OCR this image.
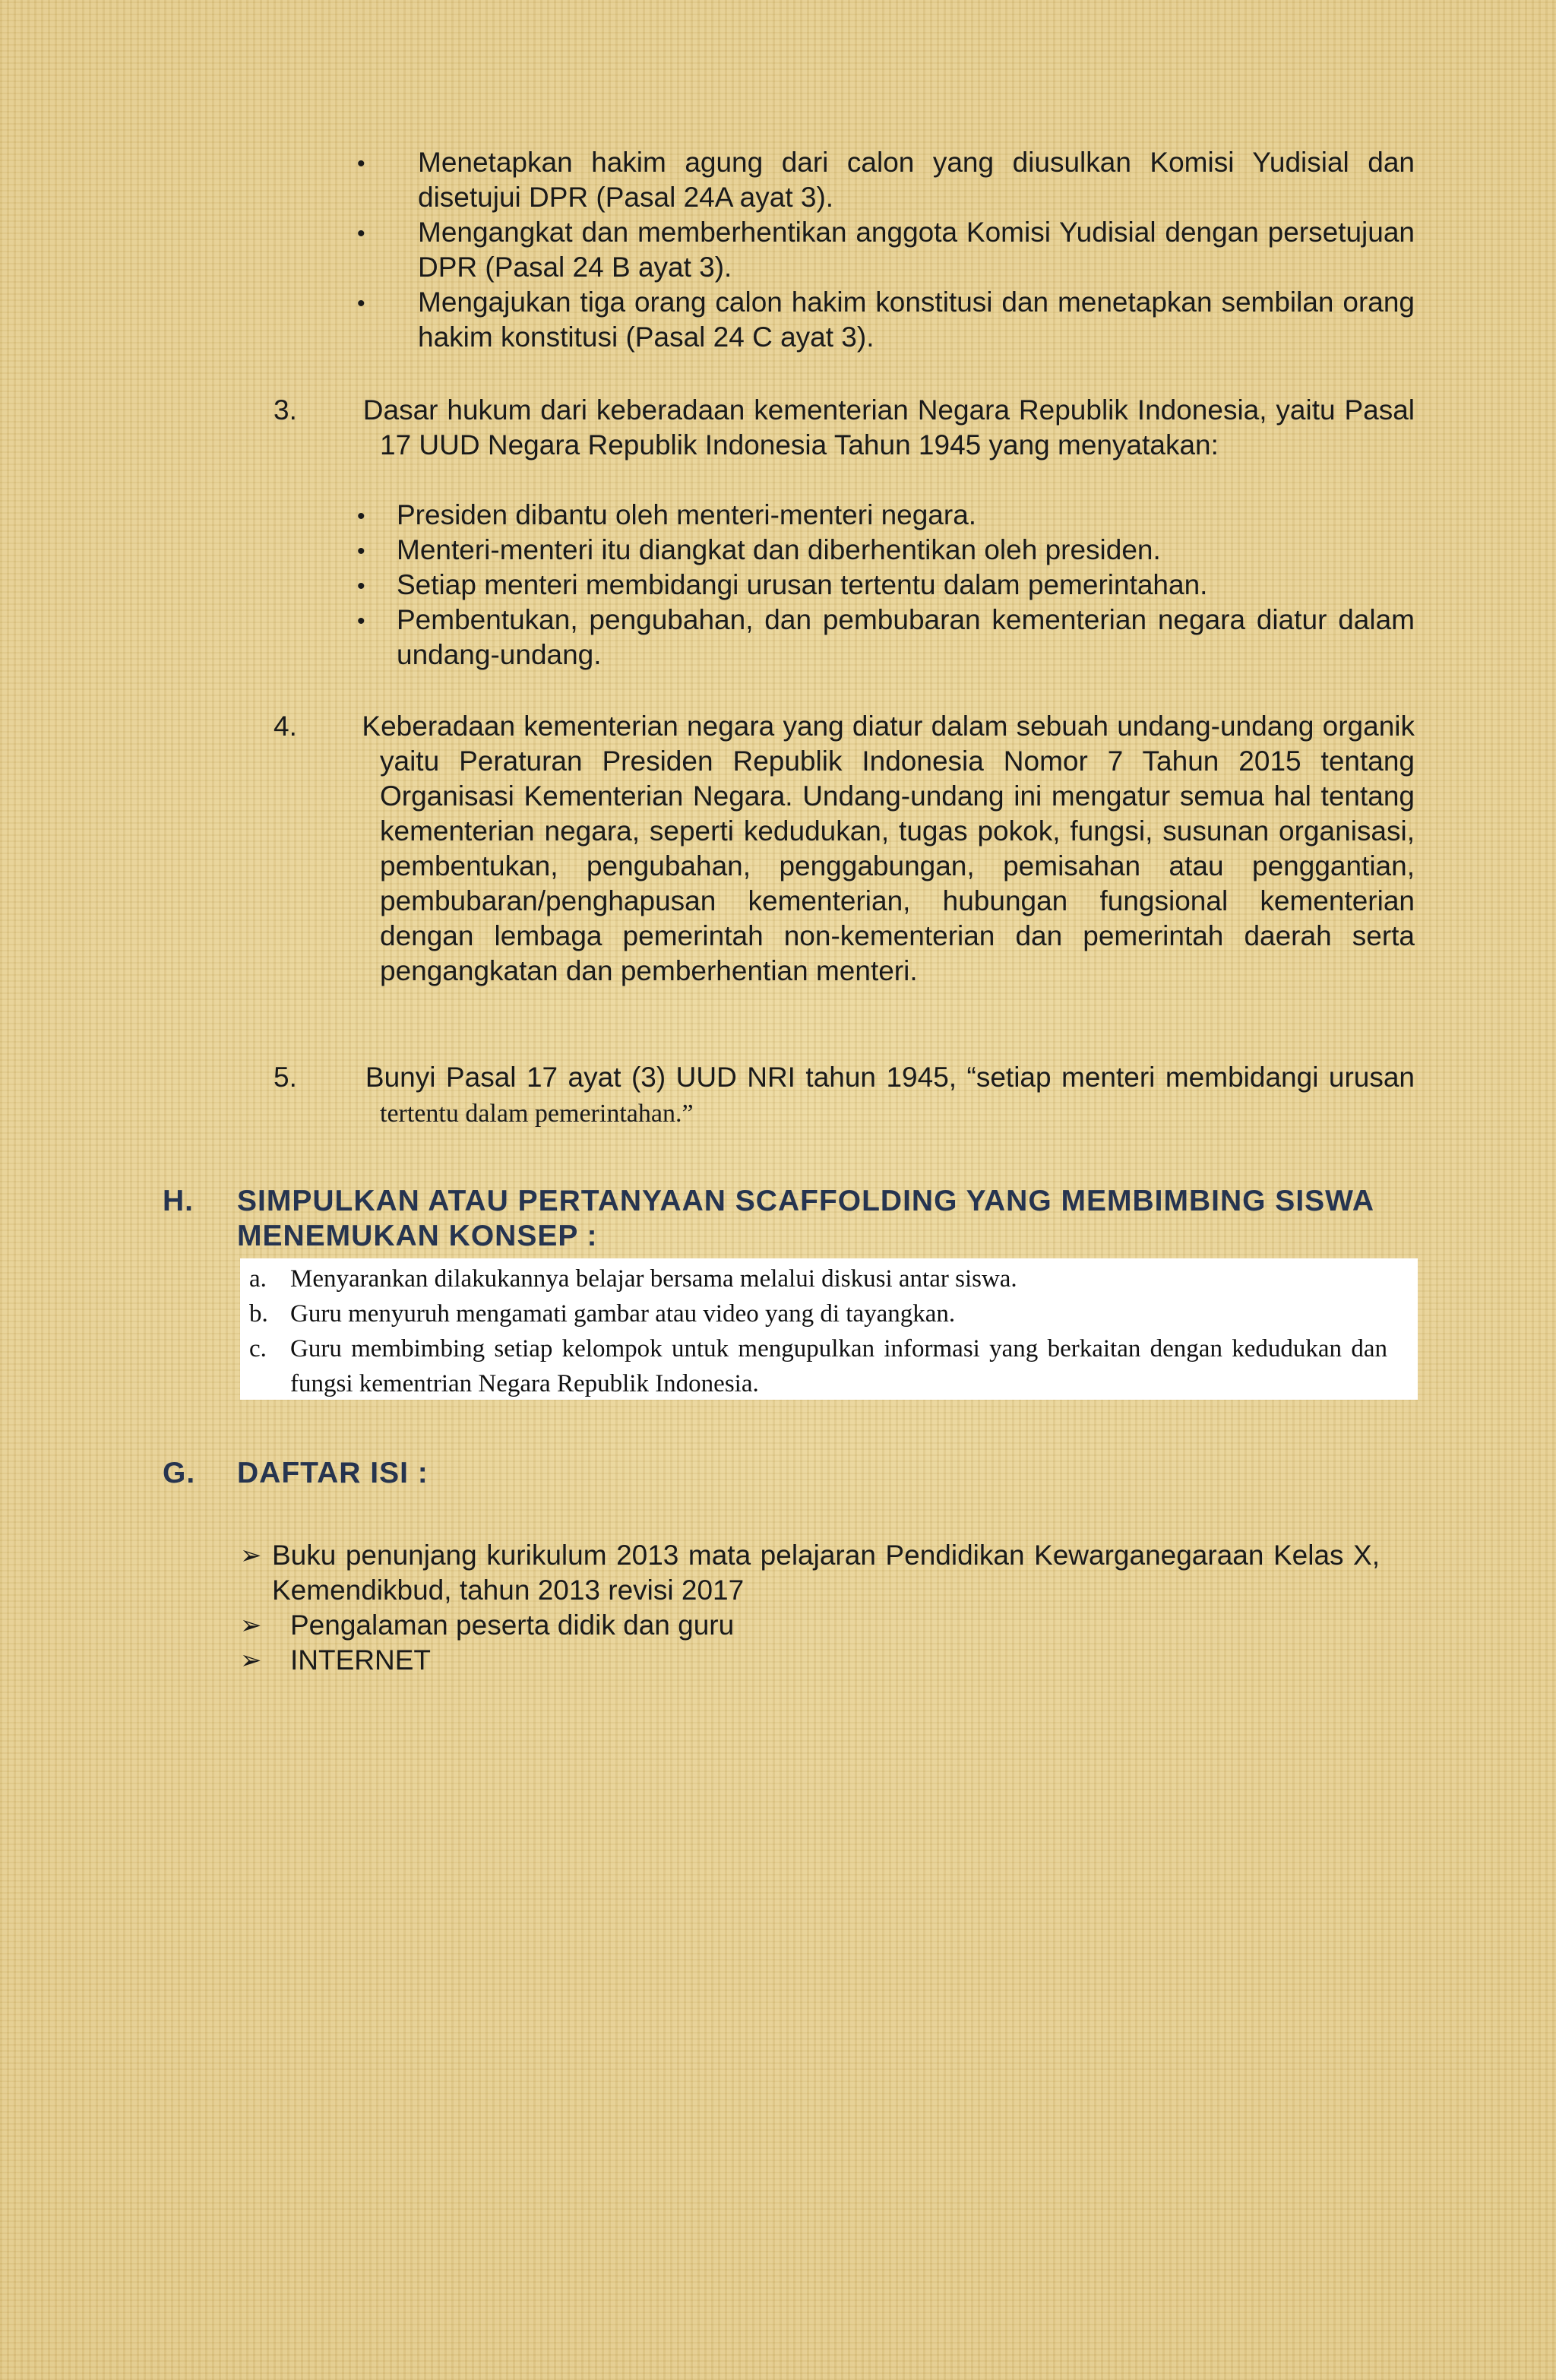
• Menetapkan hakim agung dari calon yang diusulkan Komisi Yudisial dan disetujui DPR (Pasal 24A ayat 3).
• Mengangkat dan memberhentikan anggota Komisi Yudisial dengan persetujuan DPR (Pasal 24 B ayat 3).
• Mengajukan tiga orang calon hakim konstitusi dan menetapkan sembilan orang hakim konstitusi (Pasal 24 C ayat 3).
3. Dasar hukum dari keberadaan kementerian Negara Republik Indonesia, yaitu Pasal 17 UUD Negara Republik Indonesia Tahun 1945 yang menyatakan:
• Presiden dibantu oleh menteri-menteri negara.
• Menteri-menteri itu diangkat dan diberhentikan oleh presiden.
• Setiap menteri membidangi urusan tertentu dalam pemerintahan.
• Pembentukan, pengubahan, dan pembubaran kementerian negara diatur dalam undang-undang.
4. Keberadaan kementerian negara yang diatur dalam sebuah undang-undang organik yaitu Peraturan Presiden Republik Indonesia Nomor 7 Tahun 2015 tentang Organisasi Kementerian Negara. Undang-undang ini mengatur semua hal tentang kementerian negara, seperti kedudukan, tugas pokok, fungsi, susunan organisasi, pembentukan, pengubahan, penggabungan, pemisahan atau penggantian, pembubaran/penghapusan kementerian, hubungan fungsional kementerian dengan lembaga pemerintah non-kementerian dan pemerintah daerah serta pengangkatan dan pemberhentian menteri.
5. Bunyi Pasal 17 ayat (3) UUD NRI tahun 1945, “setiap menteri membidangi urusan tertentu dalam pemerintahan.”
H. SIMPULKAN ATAU PERTANYAAN SCAFFOLDING YANG MEMBIMBING SISWA MENEMUKAN KONSEP :
a. Menyarankan dilakukannya belajar bersama melalui diskusi antar siswa.
b. Guru menyuruh mengamati gambar atau video yang di tayangkan.
c. Guru membimbing setiap kelompok untuk mengupulkan informasi yang berkaitan dengan kedudukan dan fungsi kementrian Negara Republik Indonesia.
G. DAFTAR ISI :
➢ Buku penunjang kurikulum 2013 mata pelajaran Pendidikan Kewarganegaraan Kelas X, Kemendikbud, tahun 2013 revisi 2017
➢ Pengalaman peserta didik dan guru
➢ INTERNET
